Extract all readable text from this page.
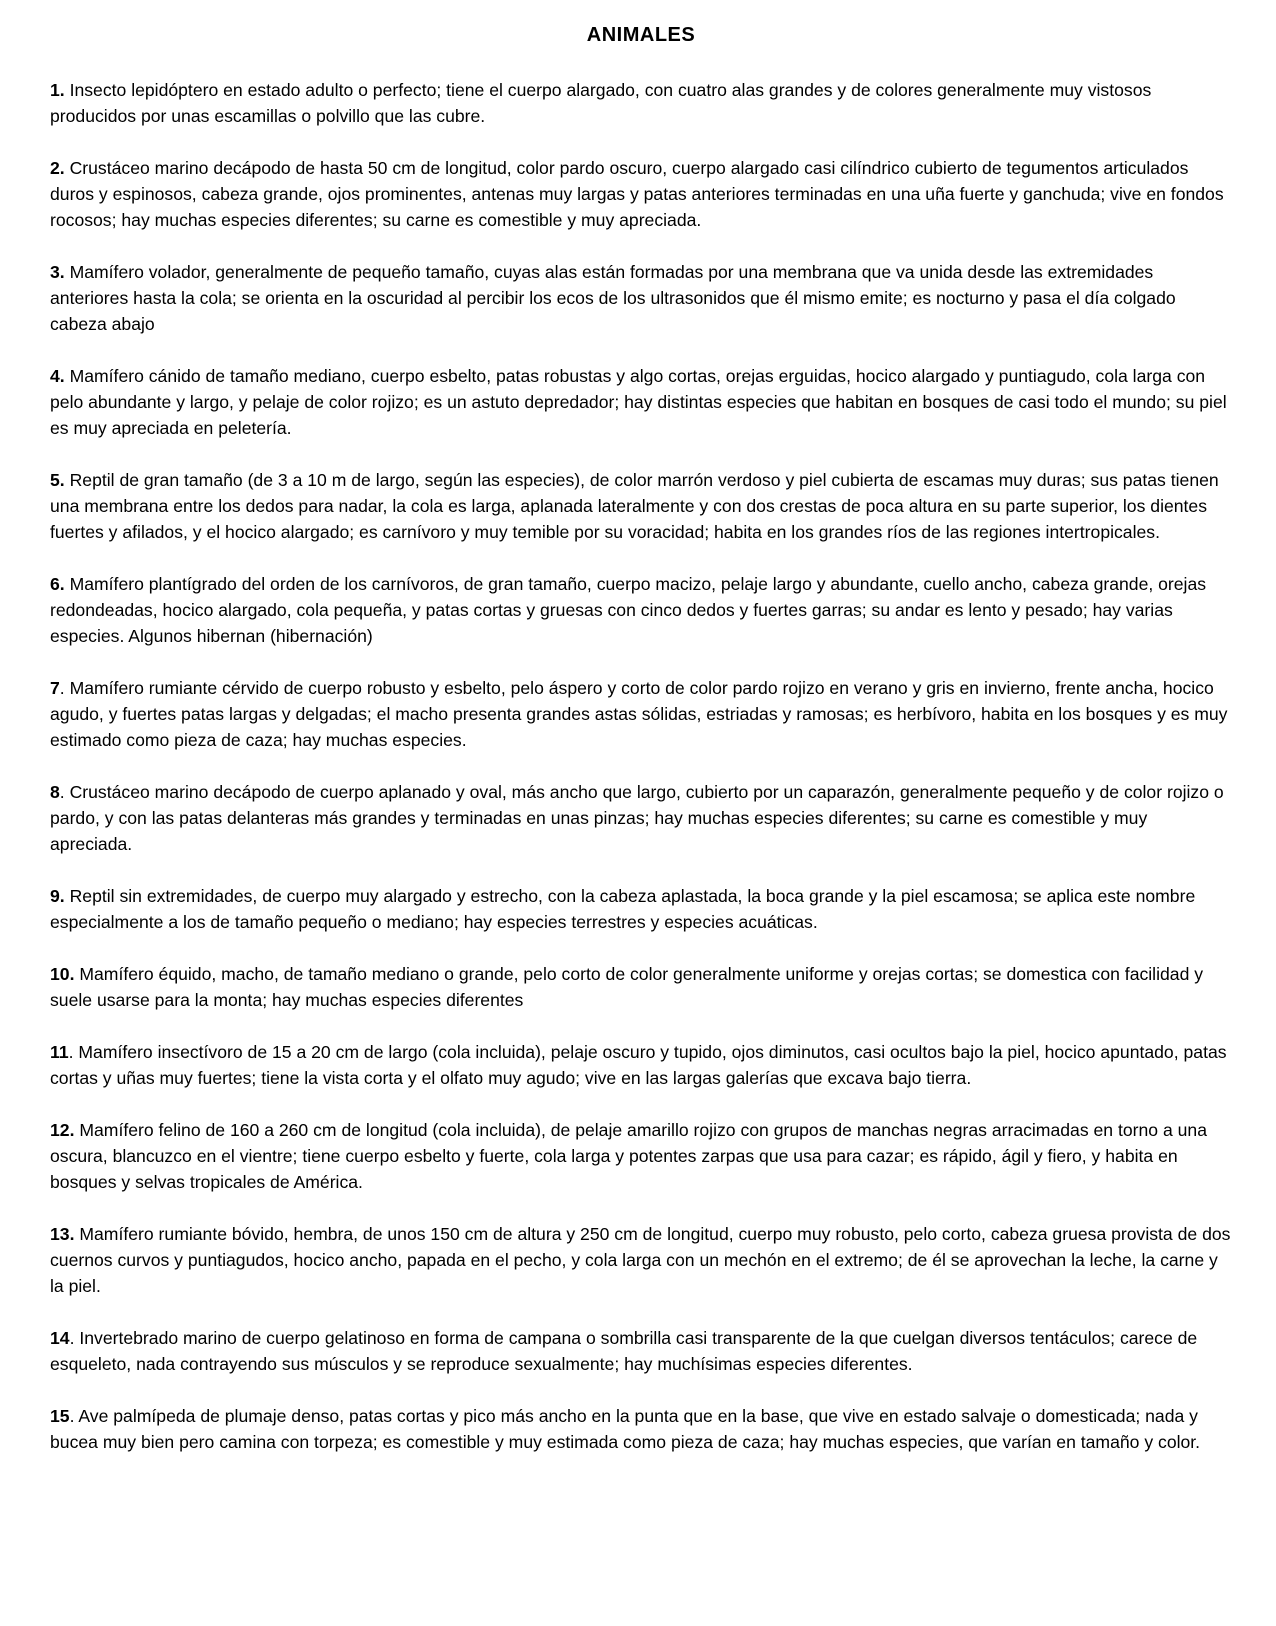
ANIMALES

1. Insecto lepidóptero en estado adulto o perfecto; tiene el cuerpo alargado, con cuatro alas grandes y de colores generalmente muy vistosos producidos por unas escamillas o polvillo que las cubre.

2. Crustáceo marino decápodo de hasta 50 cm de longitud, color pardo oscuro, cuerpo alargado casi cilíndrico cubierto de tegumentos articulados duros y espinosos, cabeza grande, ojos prominentes, antenas muy largas y patas anteriores terminadas en una uña fuerte y ganchuda; vive en fondos rocosos; hay muchas especies diferentes; su carne es comestible y muy apreciada.

3. Mamífero volador, generalmente de pequeño tamaño, cuyas alas están formadas por una membrana que va unida desde las extremidades anteriores hasta la cola; se orienta en la oscuridad al percibir los ecos de los ultrasonidos que él mismo emite; es nocturno y pasa el día colgado cabeza abajo

4. Mamífero cánido de tamaño mediano, cuerpo esbelto, patas robustas y algo cortas, orejas erguidas, hocico alargado y puntiagudo, cola larga con pelo abundante y largo, y pelaje de color rojizo; es un astuto depredador; hay distintas especies que habitan en bosques de casi todo el mundo; su piel es muy apreciada en peletería.

5. Reptil de gran tamaño (de 3 a 10 m de largo, según las especies), de color marrón verdoso y piel cubierta de escamas muy duras; sus patas tienen una membrana entre los dedos para nadar, la cola es larga, aplanada lateralmente y con dos crestas de poca altura en su parte superior, los dientes fuertes y afilados, y el hocico alargado; es carnívoro y muy temible por su voracidad; habita en los grandes ríos de las regiones intertropicales.

6. Mamífero plantígrado del orden de los carnívoros, de gran tamaño, cuerpo macizo, pelaje largo y abundante, cuello ancho, cabeza grande, orejas redondeadas, hocico alargado, cola pequeña, y patas cortas y gruesas con cinco dedos y fuertes garras; su andar es lento y pesado; hay varias especies. Algunos hibernan (hibernación)

7. Mamífero rumiante cérvido de cuerpo robusto y esbelto, pelo áspero y corto de color pardo rojizo en verano y gris en invierno, frente ancha, hocico agudo, y fuertes patas largas y delgadas; el macho presenta grandes astas sólidas, estriadas y ramosas; es herbívoro, habita en los bosques y es muy estimado como pieza de caza; hay muchas especies.

8. Crustáceo marino decápodo de cuerpo aplanado y oval, más ancho que largo, cubierto por un caparazón, generalmente pequeño y de color rojizo o pardo, y con las patas delanteras más grandes y terminadas en unas pinzas; hay muchas especies diferentes; su carne es comestible y muy apreciada.

9. Reptil sin extremidades, de cuerpo muy alargado y estrecho, con la cabeza aplastada, la boca grande y la piel escamosa; se aplica este nombre especialmente a los de tamaño pequeño o mediano; hay especies terrestres y especies acuáticas.

10. Mamífero équido, macho, de tamaño mediano o grande, pelo corto de color generalmente uniforme y orejas cortas; se domestica con facilidad y suele usarse para la monta; hay muchas especies diferentes

11. Mamífero insectívoro de 15 a 20 cm de largo (cola incluida), pelaje oscuro y tupido, ojos diminutos, casi ocultos bajo la piel, hocico apuntado, patas cortas y uñas muy fuertes; tiene la vista corta y el olfato muy agudo; vive en las largas galerías que excava bajo tierra.

12. Mamífero felino de 160 a 260 cm de longitud (cola incluida), de pelaje amarillo rojizo con grupos de manchas negras arracimadas en torno a una oscura, blancuzco en el vientre; tiene cuerpo esbelto y fuerte, cola larga y potentes zarpas que usa para cazar; es rápido, ágil y fiero, y habita en bosques y selvas tropicales de América.

13. Mamífero rumiante bóvido, hembra, de unos 150 cm de altura y 250 cm de longitud, cuerpo muy robusto, pelo corto, cabeza gruesa provista de dos cuernos curvos y puntiagudos, hocico ancho, papada en el pecho, y cola larga con un mechón en el extremo; de él se aprovechan la leche, la carne y la piel.

14. Invertebrado marino de cuerpo gelatinoso en forma de campana o sombrilla casi transparente de la que cuelgan diversos tentáculos; carece de esqueleto, nada contrayendo sus músculos y se reproduce sexualmente; hay muchísimas especies diferentes.

15. Ave palmípeda de plumaje denso, patas cortas y pico más ancho en la punta que en la base, que vive en estado salvaje o domesticada; nada y bucea muy bien pero camina con torpeza; es comestible y muy estimada como pieza de caza; hay muchas especies, que varían en tamaño y color.
